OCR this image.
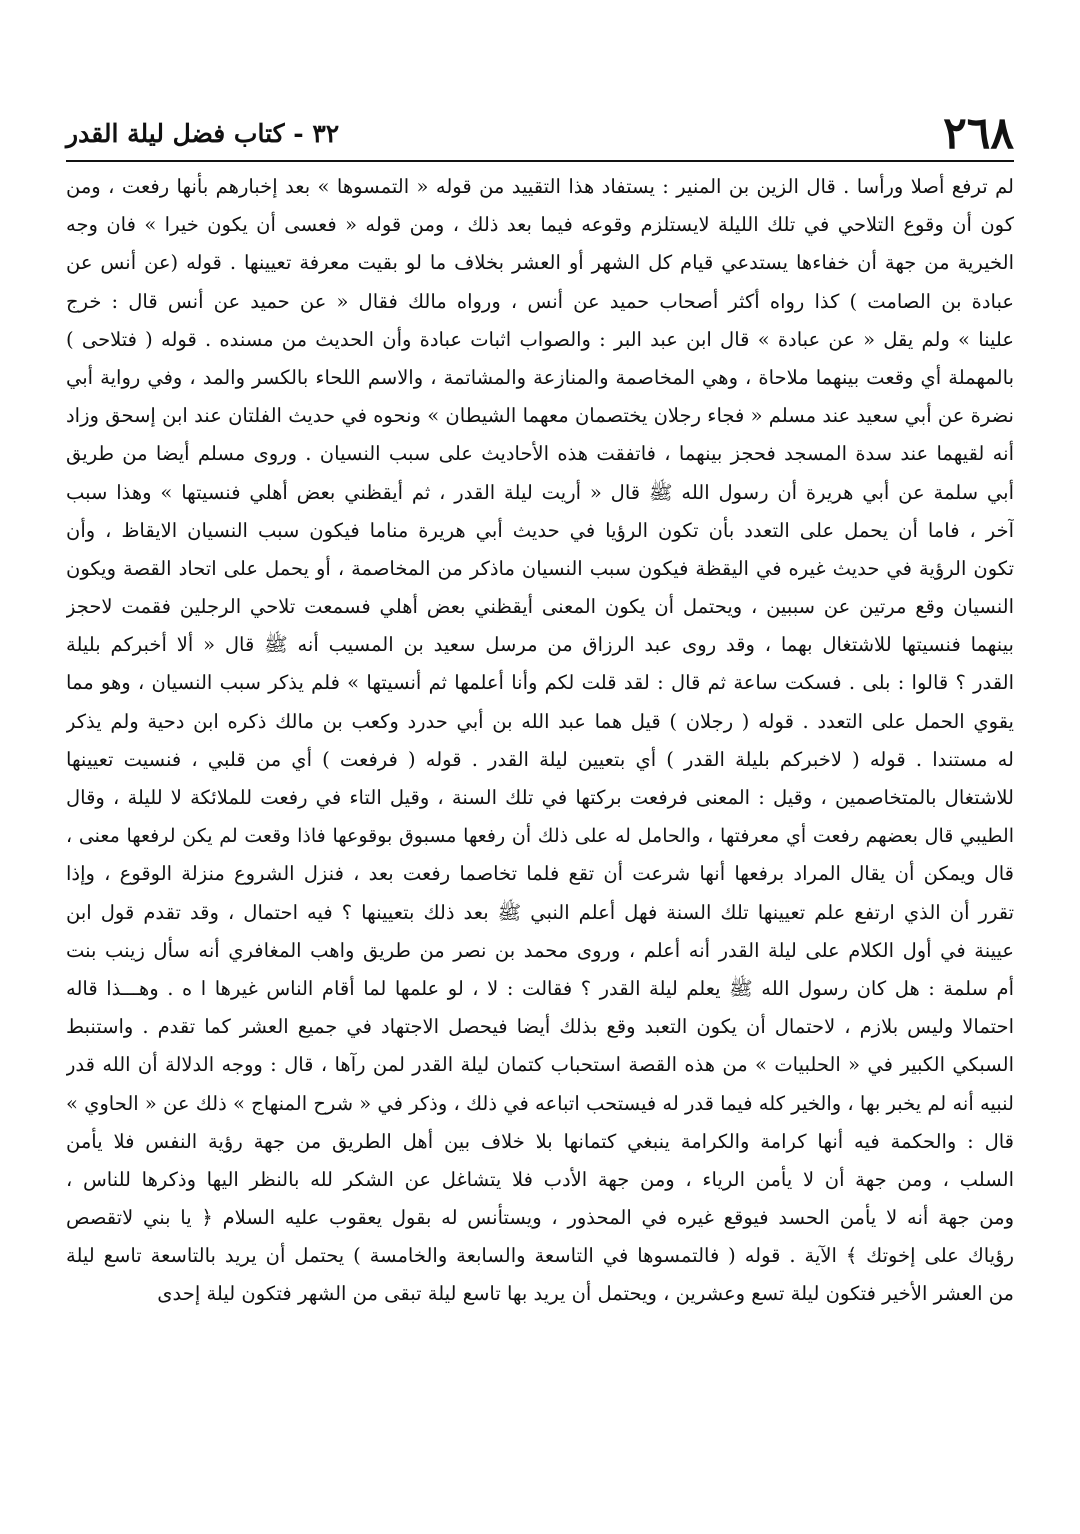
٢٦٨
٣٢ - كتاب فضل ليلة القدر
لم ترفع أصلا ورأسا . قال الزين بن المنير : يستفاد هذا التقييد من قوله « التمسوها » بعد إخبارهم بأنها رفعت ، ومن
كون أن وقوع التلاحي في تلك الليلة لايستلزم وقوعه فيما بعد ذلك ، ومن قوله « فعسى أن يكون خيرا » فان وجه
الخيرية من جهة أن خفاءها يستدعي قيام كل الشهر أو العشر بخلاف ما لو بقيت معرفة تعيينها . قوله (عن أنس عن
عبادة بن الصامت ) كذا رواه أكثر أصحاب حميد عن أنس ، ورواه مالك فقال « عن حميد عن أنس قال : خرج
علينا » ولم يقل « عن عبادة » قال ابن عبد البر : والصواب اثبات عبادة وأن الحديث من مسنده . قوله ( فتلاحى )
بالمهملة أي وقعت بينهما ملاحاة ، وهي المخاصمة والمنازعة والمشاتمة ، والاسم اللحاء بالكسر والمد ، وفي رواية أبي
نضرة عن أبي سعيد عند مسلم « فجاء رجلان يختصمان معهما الشيطان » ونحوه في حديث الفلتان عند ابن إسحق وزاد
أنه لقيهما عند سدة المسجد فحجز بينهما ، فاتفقت هذه الأحاديث على سبب النسيان . وروى مسلم أيضا من طريق
أبي سلمة عن أبي هريرة أن رسول الله ﷺ قال « أريت ليلة القدر ، ثم أيقظني بعض أهلي فنسيتها » وهذا سبب
آخر ، فاما أن يحمل على التعدد بأن تكون الرؤيا في حديث أبي هريرة مناما فيكون سبب النسيان الايقاظ ، وأن
تكون الرؤية في حديث غيره في اليقظة فيكون سبب النسيان ماذكر من المخاصمة ، أو يحمل على اتحاد القصة ويكون
النسيان وقع مرتين عن سببين ، ويحتمل أن يكون المعنى أيقظني بعض أهلي فسمعت تلاحي الرجلين فقمت لاحجز
بينهما فنسيتها للاشتغال بهما ، وقد روى عبد الرزاق من مرسل سعيد بن المسيب أنه ﷺ قال « ألا أخبركم بليلة
القدر ؟ قالوا : بلى . فسكت ساعة ثم قال : لقد قلت لكم وأنا أعلمها ثم أنسيتها » فلم يذكر سبب النسيان ، وهو مما
يقوي الحمل على التعدد . قوله ( رجلان ) قيل هما عبد الله بن أبي حدرد وكعب بن مالك ذكره ابن دحية ولم يذكر
له مستندا . قوله ( لاخبركم بليلة القدر ) أي بتعيين ليلة القدر . قوله ( فرفعت ) أي من قلبي ، فنسيت تعيينها
للاشتغال بالمتخاصمين ، وقيل : المعنى فرفعت بركتها في تلك السنة ، وقيل التاء في رفعت للملائكة لا لليلة ، وقال
الطيبي قال بعضهم رفعت أي معرفتها ، والحامل له على ذلك أن رفعها مسبوق بوقوعها فاذا وقعت لم يكن لرفعها معنى ،
قال ويمكن أن يقال المراد برفعها أنها شرعت أن تقع فلما تخاصما رفعت بعد ، فنزل الشروع منزلة الوقوع ، وإذا
تقرر أن الذي ارتفع علم تعيينها تلك السنة فهل أعلم النبي ﷺ بعد ذلك بتعيينها ؟ فيه احتمال ، وقد تقدم قول ابن
عيينة في أول الكلام على ليلة القدر أنه أعلم ، وروى محمد بن نصر من طريق واهب المغافري أنه سأل زينب بنت
أم سلمة : هل كان رسول الله ﷺ يعلم ليلة القدر ؟ فقالت : لا ، لو علمها لما أقام الناس غيرها ا ه . وهـــذا قاله
احتمالا وليس بلازم ، لاحتمال أن يكون التعبد وقع بذلك أيضا فيحصل الاجتهاد في جميع العشر كما تقدم . واستنبط
السبكي الكبير في « الحلبيات » من هذه القصة استحباب كتمان ليلة القدر لمن رآها ، قال : ووجه الدلالة أن الله قدر
لنبيه أنه لم يخبر بها ، والخير كله فيما قدر له فيستحب اتباعه في ذلك ، وذكر في « شرح المنهاج » ذلك عن « الحاوي »
قال : والحكمة فيه أنها كرامة والكرامة ينبغي كتمانها بلا خلاف بين أهل الطريق من جهة رؤية النفس فلا يأمن
السلب ، ومن جهة أن لا يأمن الرياء ، ومن جهة الأدب فلا يتشاغل عن الشكر لله بالنظر اليها وذكرها للناس ،
ومن جهة أنه لا يأمن الحسد فيوقع غيره في المحذور ، ويستأنس له بقول يعقوب عليه السلام ﴿ يا بني لاتقصص
رؤياك على إخوتك ﴾ الآية . قوله ( فالتمسوها في التاسعة والسابعة والخامسة ) يحتمل أن يريد بالتاسعة تاسع ليلة
من العشر الأخير فتكون ليلة تسع وعشرين ، ويحتمل أن يريد بها تاسع ليلة تبقى من الشهر فتكون ليلة إحدى
